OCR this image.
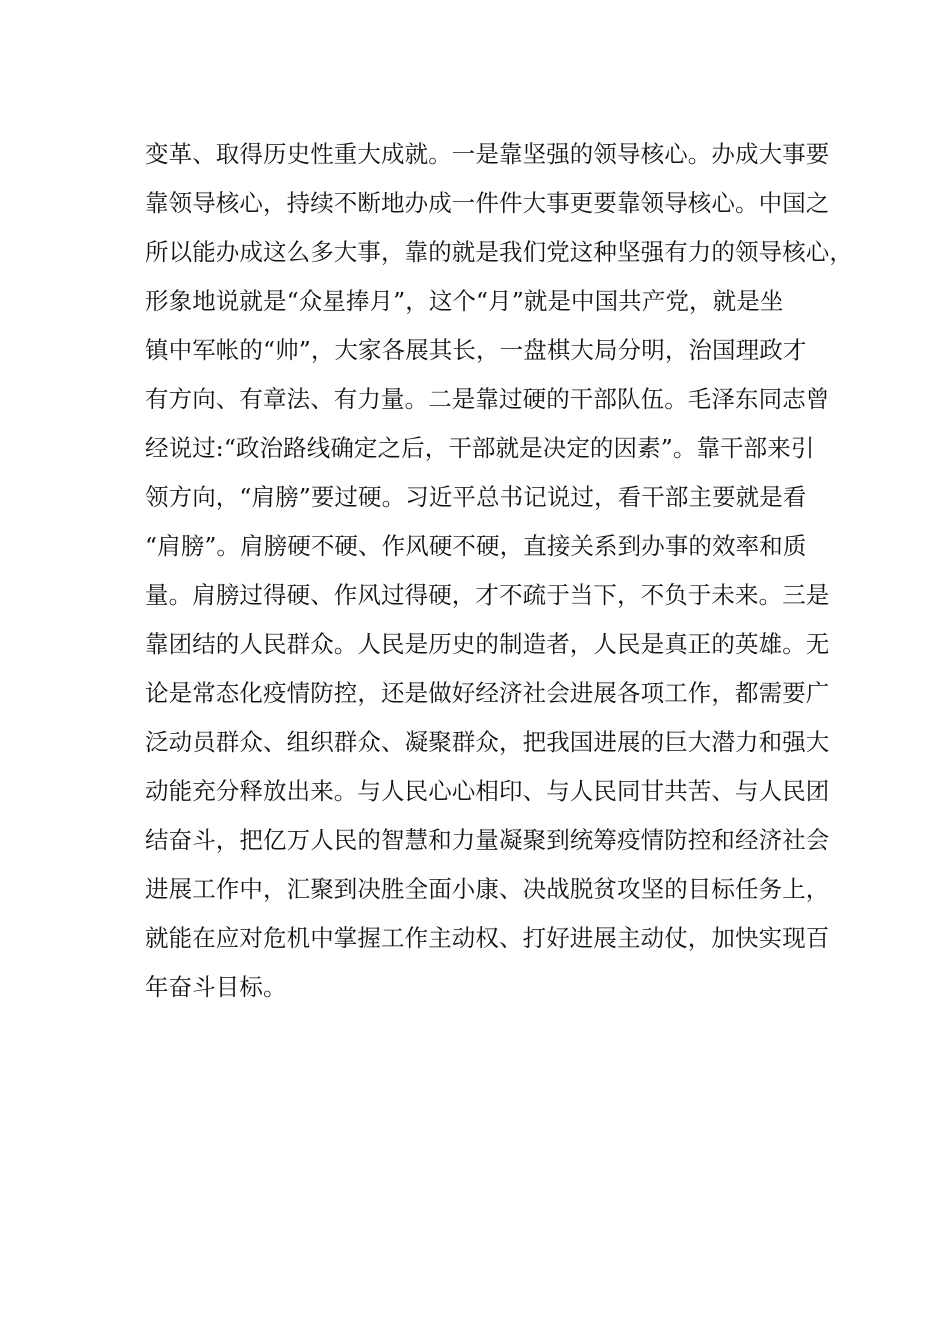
变革、取得历史性重大成就。一是靠坚强的领导核心。办成大事要
靠领导核心，持续不断地办成一件件大事更要靠领导核心。中国之
所以能办成这么多大事，靠的就是我们党这种坚强有力的领导核心，
形象地说就是“众星捧月”，这个“月”就是中国共产党，就是坐
镇中军帐的“帅”，大家各展其长，一盘棋大局分明，治国理政才
有方向、有章法、有力量。二是靠过硬的干部队伍。毛泽东同志曾
经说过:“政治路线确定之后，干部就是决定的因素”。靠干部来引
领方向，“肩膀”要过硬。习近平总书记说过，看干部主要就是看
“肩膀”。肩膀硬不硬、作风硬不硬，直接关系到办事的效率和质
量。肩膀过得硬、作风过得硬，才不疏于当下，不负于未来。三是
靠团结的人民群众。人民是历史的制造者，人民是真正的英雄。无
论是常态化疫情防控，还是做好经济社会进展各项工作，都需要广
泛动员群众、组织群众、凝聚群众，把我国进展的巨大潜力和强大
动能充分释放出来。与人民心心相印、与人民同甘共苦、与人民团
结奋斗，把亿万人民的智慧和力量凝聚到统筹疫情防控和经济社会
进展工作中，汇聚到决胜全面小康、决战脱贫攻坚的目标任务上，
就能在应对危机中掌握工作主动权、打好进展主动仗，加快实现百
年奋斗目标。
